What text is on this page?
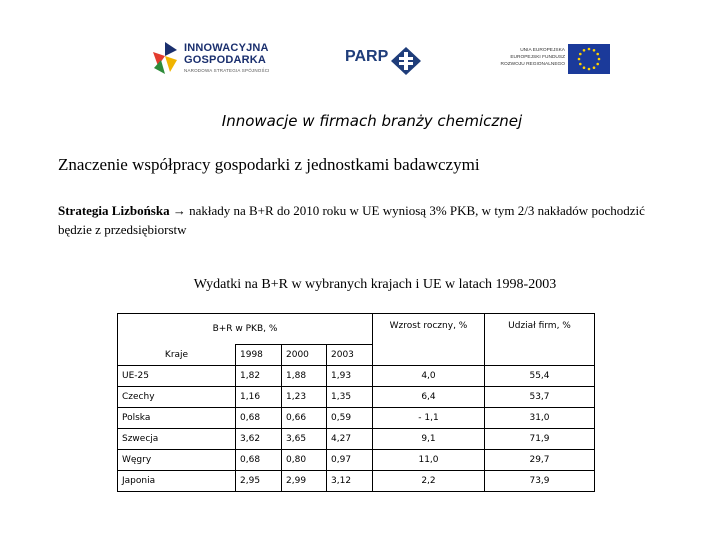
INNOWACYJNA
GOSPODARKA
NARODOWA STRATEGIA SPÓJNOŚCI
PARP	UNIA EUROPEJSKA
EUROPEJSKI FUNDUSZ
ROZWOJU REGIONALNEGO
Innowacje w firmach branży chemicznej
Znaczenie współpracy gospodarki z jednostkami badawczymi
Strategia Lizbońska → nakłady na B+R do 2010 roku w UE wyniosą 3% PKB, w tym 2/3 nakładów pochodzić będzie z przedsiębiorstw
Wydatki na B+R w wybranych krajach i UE w latach 1998-2003
B+R w PKB, %				Wzrost roczny, %	Udział firm, %
Kraje	1998	2000	2003		
UE-25	1,82	1,88	1,93	4,0	55,4
Czechy	1,16	1,23	1,35	6,4	53,7
Polska	0,68	0,66	0,59	- 1,1	31,0
Szwecja	3,62	3,65	4,27	9,1	71,9
Węgry	0,68	0,80	0,97	11,0	29,7
Japonia	2,95	2,99	3,12	2,2	73,9
